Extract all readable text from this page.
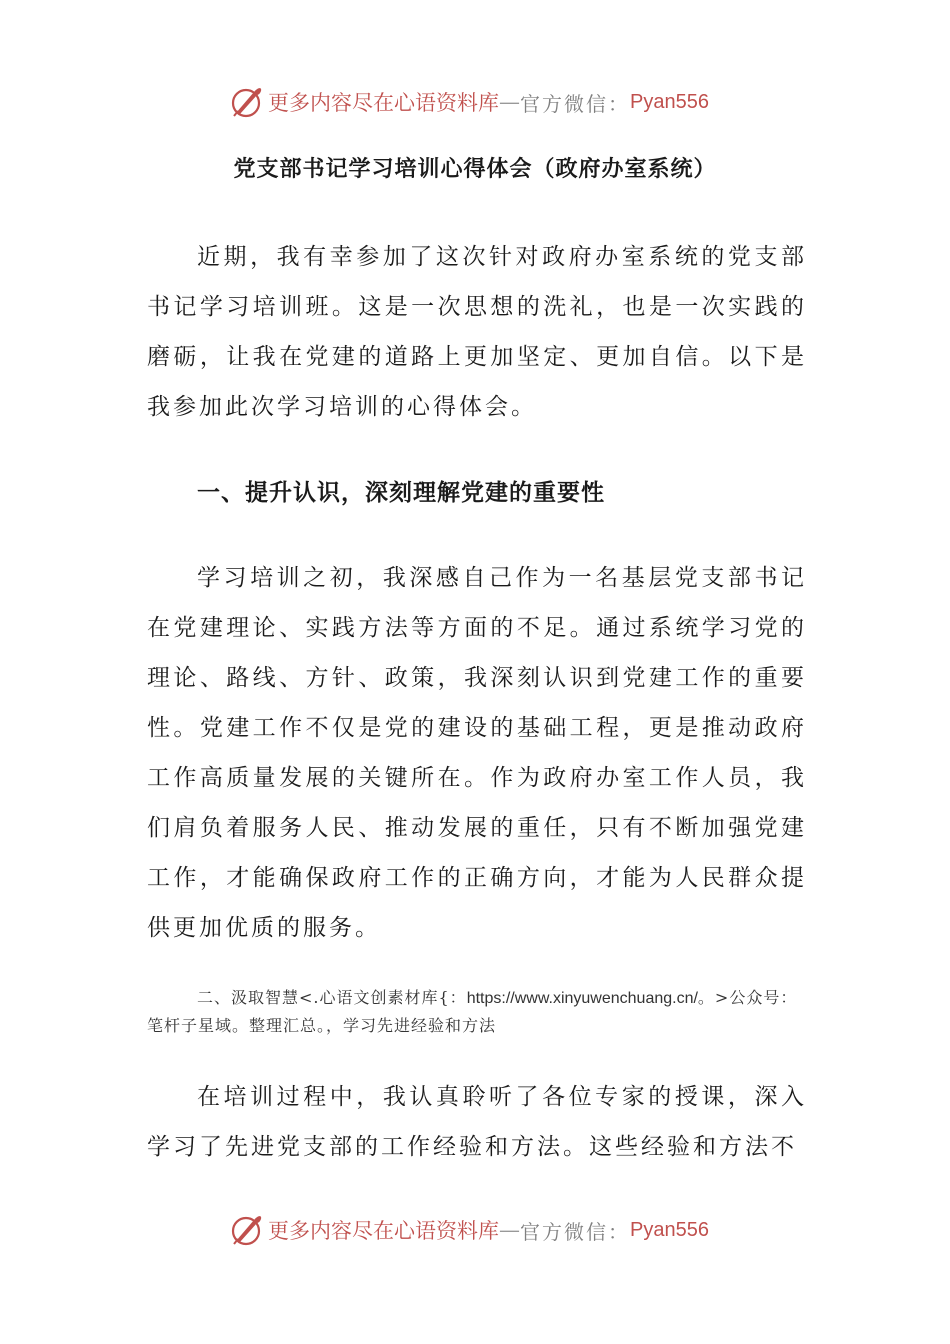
更多内容尽在心语资料库 — 官方微信： Pyan556
党支部书记学习培训心得体会（政府办室系统）

近期，我有幸参加了这次针对政府办室系统的党支部书记学习培训班。这是一次思想的洗礼，也是一次实践的磨砺，让我在党建的道路上更加坚定、更加自信。以下是我参加此次学习培训的心得体会。

一、提升认识，深刻理解党建的重要性

学习培训之初，我深感自己作为一名基层党支部书记在党建理论、实践方法等方面的不足。通过系统学习党的理论、路线、方针、政策，我深刻认识到党建工作的重要性。党建工作不仅是党的建设的基础工程，更是推动政府工作高质量发展的关键所在。作为政府办室工作人员，我们肩负着服务人民、推动发展的重任，只有不断加强党建工作，才能确保政府工作的正确方向，才能为人民群众提供更加优质的服务。

二、汲取智慧<.心语文创素材库{：https://www.xinyuwenchuang.cn/。>公众号：笔杆子星域。整理汇总。，学习先进经验和方法

在培训过程中，我认真聆听了各位专家的授课，深入学习了先进党支部的工作经验和方法。这些经验和方法不

更多内容尽在心语资料库 — 官方微信： Pyan556
